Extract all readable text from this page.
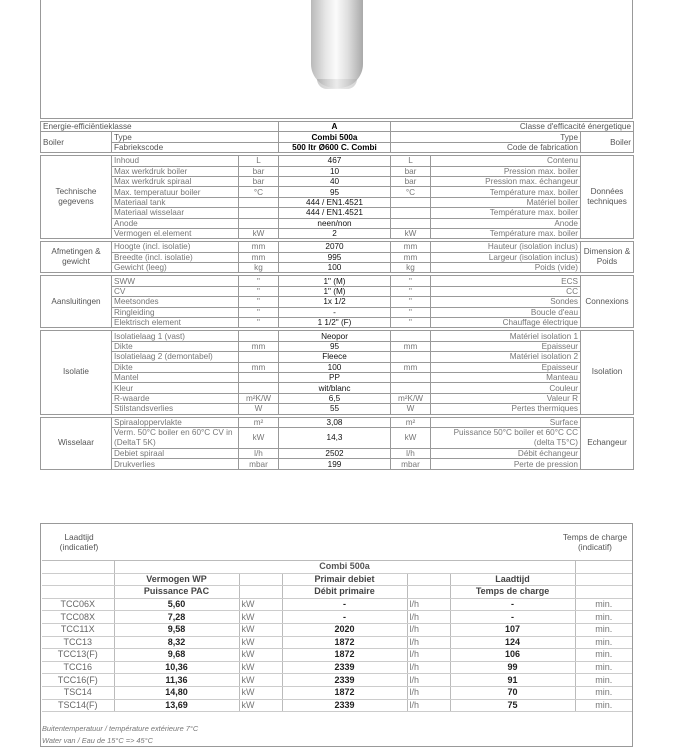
Energie-efficiëntieklasse			A	Classe d'efficacité énergetique		
Boiler	Type		Combi 500a	Type		Boiler
	Fabriekscode		500 ltr Ø600 C. Combi	Code de fabrication		

Technische gegevens	Inhoud	L	467	L	Contenu	Données techniques
	Max werkdruk boiler	bar	10	bar	Pression max. boiler	
	Max werkdruk spiraal	bar	40	bar	Pression max. échangeur	
	Max. temperatuur boiler	°C	95	°C	Température max. boiler	
	Materiaal tank		444 / EN1.4521		Matériel boiler	
	Materiaal wisselaar		444 / EN1.4521		Température max. boiler	
	Anode		neen/non		Anode	
	Vermogen el.element	kW	2	kW	Température max. boiler	

Afmetingen & gewicht	Hoogte (incl. isolatie)	mm	2070	mm	Hauteur (isolation inclus)	Dimension & Poids
	Breedte (incl. isolatie)	mm	995	mm	Largeur (isolation inclus)	
	Gewicht (leeg)	kg	100	kg	Poids (vide)	

Aansluitingen	SWW	"	1" (M)	"	ECS	Connexions
	CV	"	1" (M)	"	CC	
	Meetsondes	"	1x 1/2	"	Sondes	
	Ringleiding	"	-	"	Boucle d'eau	
	Elektrisch element	"	1 1/2" (F)	"	Chauffage électrique	

Isolatie	Isolatielaag 1 (vast)		Neopor		Matériel isolation 1	Isolation
	Dikte	mm	95	mm	Epaisseur	
	Isolatielaag 2 (demontabel)		Fleece		Matériel isolation 2	
	Dikte	mm	100	mm	Epaisseur	
	Mantel		PP		Manteau	
	Kleur		wit/blanc		Couleur	
	R-waarde	m²K/W	6,5	m²K/W	Valeur R	
	Stilstandsverlies	W	55	W	Pertes thermiques	

Wisselaar	Spiraaloppervlakte	m²	3,08	m²	Surface	Echangeur
	Verm. 50°C boiler en 60°C CV in (DeltaT 5K)	kW	14,3	kW	Puissance 50°C boiler et 60°C CC (delta T5°C)	
	Debiet spiraal	l/h	2502	l/h	Débit échangeur	
	Drukverlies	mbar	199	mbar	Perte de pression	
Laadtijd (indicatief)
Temps de charge (indicatif)
	Combi 500a					
	Vermogen WP		Primair debiet		Laadtijd	
	Puissance PAC		Débit primaire		Temps de charge	
TCC06X	5,60	kW	-	l/h	-	min.
TCC08X	7,28	kW	-	l/h	-	min.
TCC11X	9,58	kW	2020	l/h	107	min.
TCC13	8,32	kW	1872	l/h	124	min.
TCC13(F)	9,68	kW	1872	l/h	106	min.
TCC16	10,36	kW	2339	l/h	99	min.
TCC16(F)	11,36	kW	2339	l/h	91	min.
TSC14	14,80	kW	1872	l/h	70	min.
TSC14(F)	13,69	kW	2339	l/h	75	min.
Buitentemperatuur / température extérieure 7°C
Water van / Eau de 15°C => 45°C
